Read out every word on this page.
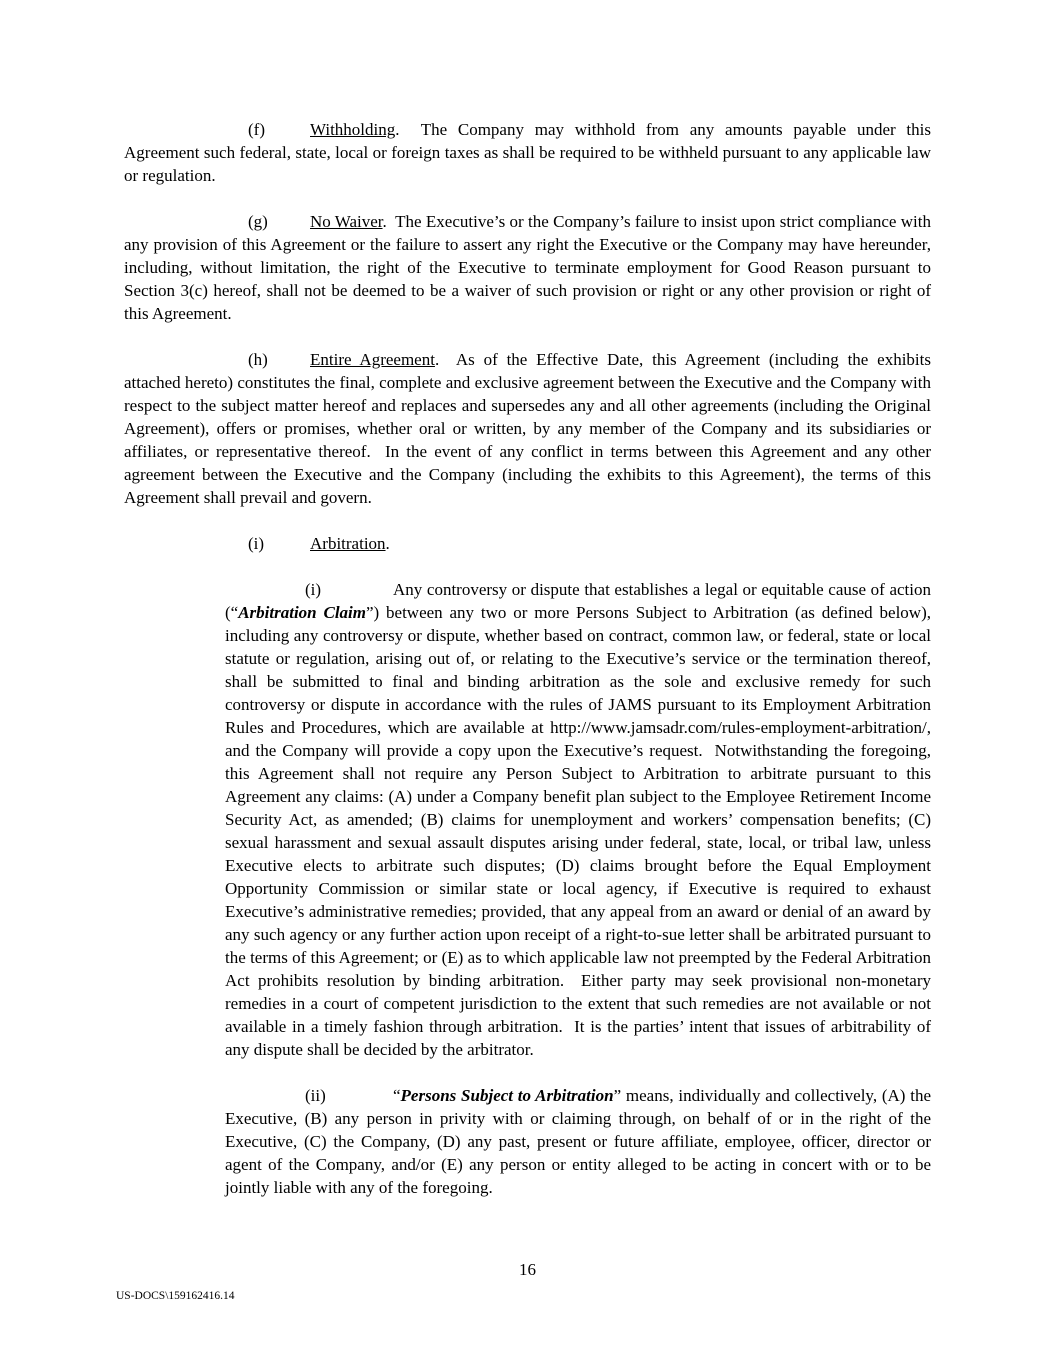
(f)	Withholding.  The Company may withhold from any amounts payable under this Agreement such federal, state, local or foreign taxes as shall be required to be withheld pursuant to any applicable law or regulation.

(g) No Waiver.  The Executive’s or the Company’s failure to insist upon strict compliance with any provision of this Agreement or the failure to assert any right the Executive or the Company may have hereunder, including, without limitation, the right of the Executive to terminate employment for Good Reason pursuant to Section 3(c) hereof, shall not be deemed to be a waiver of such provision or right or any other provision or right of this Agreement.

(h) Entire Agreement.  As of the Effective Date, this Agreement (including the exhibits attached hereto) constitutes the final, complete and exclusive agreement between the Executive and the Company with respect to the subject matter hereof and replaces and supersedes any and all other agreements (including the Original Agreement), offers or promises, whether oral or written, by any member of the Company and its subsidiaries or affiliates, or representative thereof.  In the event of any conflict in terms between this Agreement and any other agreement between the Executive and the Company (including the exhibits to this Agreement), the terms of this Agreement shall prevail and govern.

(i)	Arbitration.

(i)	Any controversy or dispute that establishes a legal or equitable cause of action (“Arbitration Claim”) between any two or more Persons Subject to Arbitration (as defined below), including any controversy or dispute, whether based on contract, common law, or federal, state or local statute or regulation, arising out of, or relating to the Executive’s service or the termination thereof, shall be submitted to final and binding arbitration as the sole and exclusive remedy for such controversy or dispute in accordance with the rules of JAMS pursuant to its Employment Arbitration Rules and Procedures, which are available at http://www.jamsadr.com/rules-employment-arbitration/, and the Company will provide a copy upon the Executive’s request.  Notwithstanding the foregoing, this Agreement shall not require any Person Subject to Arbitration to arbitrate pursuant to this Agreement any claims: (A) under a Company benefit plan subject to the Employee Retirement Income Security Act, as amended; (B) claims for unemployment and workers’ compensation benefits; (C) sexual harassment and sexual assault disputes arising under federal, state, local, or tribal law, unless Executive elects to arbitrate such disputes; (D) claims brought before the Equal Employment Opportunity Commission or similar state or local agency, if Executive is required to exhaust Executive’s administrative remedies; provided, that any appeal from an award or denial of an award by any such agency or any further action upon receipt of a right-to-sue letter shall be arbitrated pursuant to the terms of this Agreement; or (E) as to which applicable law not preempted by the Federal Arbitration Act prohibits resolution by binding arbitration.  Either party may seek provisional non-monetary remedies in a court of competent jurisdiction to the extent that such remedies are not available or not available in a timely fashion through arbitration.  It is the parties’ intent that issues of arbitrability of any dispute shall be decided by the arbitrator.

(ii)	“Persons Subject to Arbitration” means, individually and collectively, (A) the Executive, (B) any person in privity with or claiming through, on behalf of or in the right of the Executive, (C) the Company, (D) any past, present or future affiliate, employee, officer, director or agent of the Company, and/or (E) any person or entity alleged to be acting in concert with or to be jointly liable with any of the foregoing.

16
US-DOCS\159162416.14
